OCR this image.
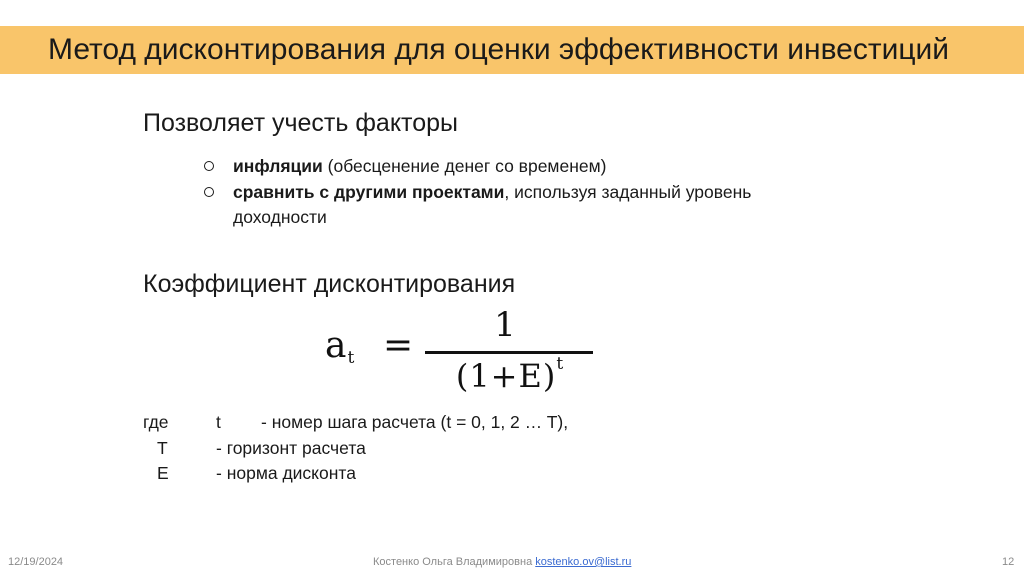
Метод дисконтирования для оценки эффективности инвестиций
Позволяет учесть факторы
инфляции (обесценение денег со временем)
сравнить с другими проектами, используя заданный уровень доходности
Коэффициент дисконтирования
$a_t = 1$
$(1+E)^t$
где	t - номер шага расчета (t = 0, 1, 2 … T),
T	- горизонт расчета
E	- норма дисконта
12/19/2024	Костенко Ольга Владимировна kostenko.ov@list.ru	12
